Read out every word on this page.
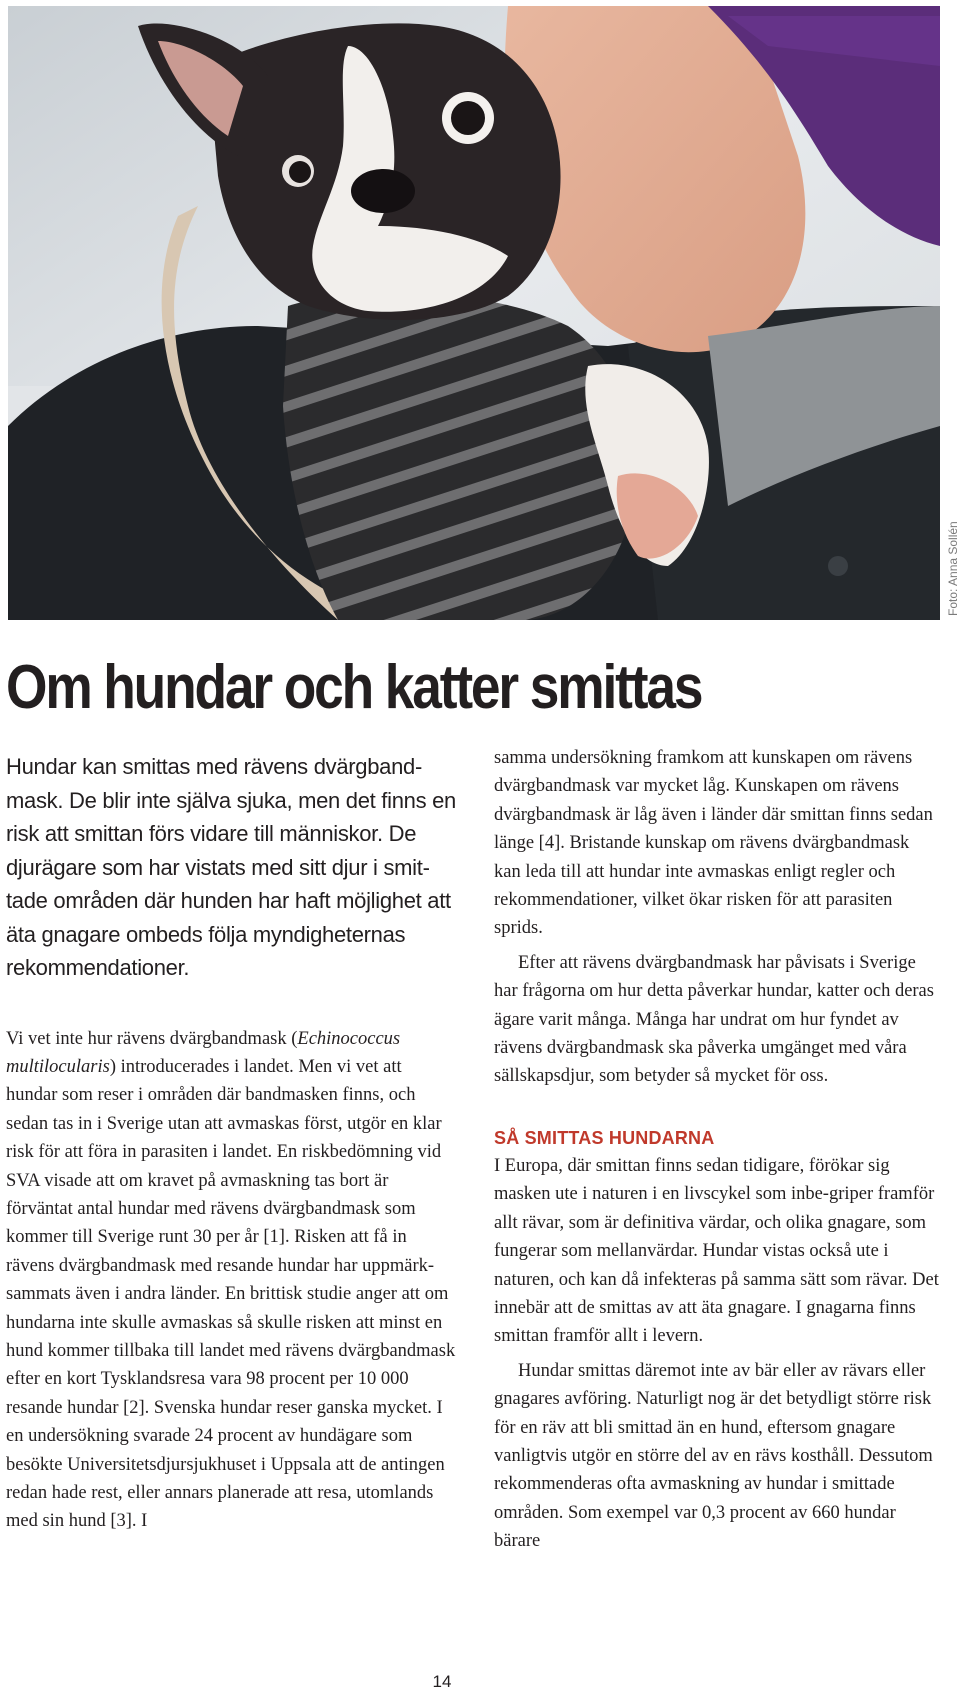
Foto: Anna Sollén
Om hundar och katter smittas

Hundar kan smittas med rävens dvärgband-mask. De blir inte själva sjuka, men det finns en risk att smittan förs vidare till människor. De djurägare som har vistats med sitt djur i smit-tade områden där hunden har haft möjlighet att äta gnagare ombeds följa myndigheternas rekommendationer.

Vi vet inte hur rävens dvärgbandmask (Echinococcus multilocularis) introducerades i landet. Men vi vet att hundar som reser i områden där bandmasken finns, och sedan tas in i Sverige utan att avmaskas först, utgör en klar risk för att föra in parasiten i landet. En riskbedömning vid SVA visade att om kravet på avmaskning tas bort är förväntat antal hundar med rävens dvärgbandmask som kommer till Sverige runt 30 per år [1]. Risken att få in rävens dvärgbandmask med resande hundar har uppmärk-sammats även i andra länder. En brittisk studie anger att om hundarna inte skulle avmaskas så skulle risken att minst en hund kommer tillbaka till landet med rävens dvärgbandmask efter en kort Tysklandsresa vara 98 procent per 10 000 resande hundar [2]. Svenska hundar reser ganska mycket. I en undersökning svarade 24 procent av hundägare som besökte Universitetsdjursjukhuset i Uppsala att de antingen redan hade rest, eller annars planerade att resa, utomlands med sin hund [3]. I

samma undersökning framkom att kunskapen om rävens dvärgbandmask var mycket låg. Kunskapen om rävens dvärgbandmask är låg även i länder där smittan finns sedan länge [4]. Bristande kunskap om rävens dvärgbandmask kan leda till att hundar inte avmaskas enligt regler och rekommendationer, vilket ökar risken för att parasiten sprids.

Efter att rävens dvärgbandmask har påvisats i Sverige har frågorna om hur detta påverkar hundar, katter och deras ägare varit många. Många har undrat om hur fyndet av rävens dvärgbandmask ska påverka umgänget med våra sällskapsdjur, som betyder så mycket för oss.

SÅ SMITTAS HUNDARNA

I Europa, där smittan finns sedan tidigare, förökar sig masken ute i naturen i en livscykel som inbe-griper framför allt rävar, som är definitiva värdar, och olika gnagare, som fungerar som mellanvärdar. Hundar vistas också ute i naturen, och kan då infekteras på samma sätt som rävar. Det innebär att de smittas av att äta gnagare. I gnagarna finns smittan framför allt i levern.

Hundar smittas däremot inte av bär eller av rävars eller gnagares avföring. Naturligt nog är det betydligt större risk för en räv att bli smittad än en hund, eftersom gnagare vanligtvis utgör en större del av en rävs kosthåll. Dessutom rekommenderas ofta avmaskning av hundar i smittade områden. Som exempel var 0,3 procent av 660 hundar bärare

14
